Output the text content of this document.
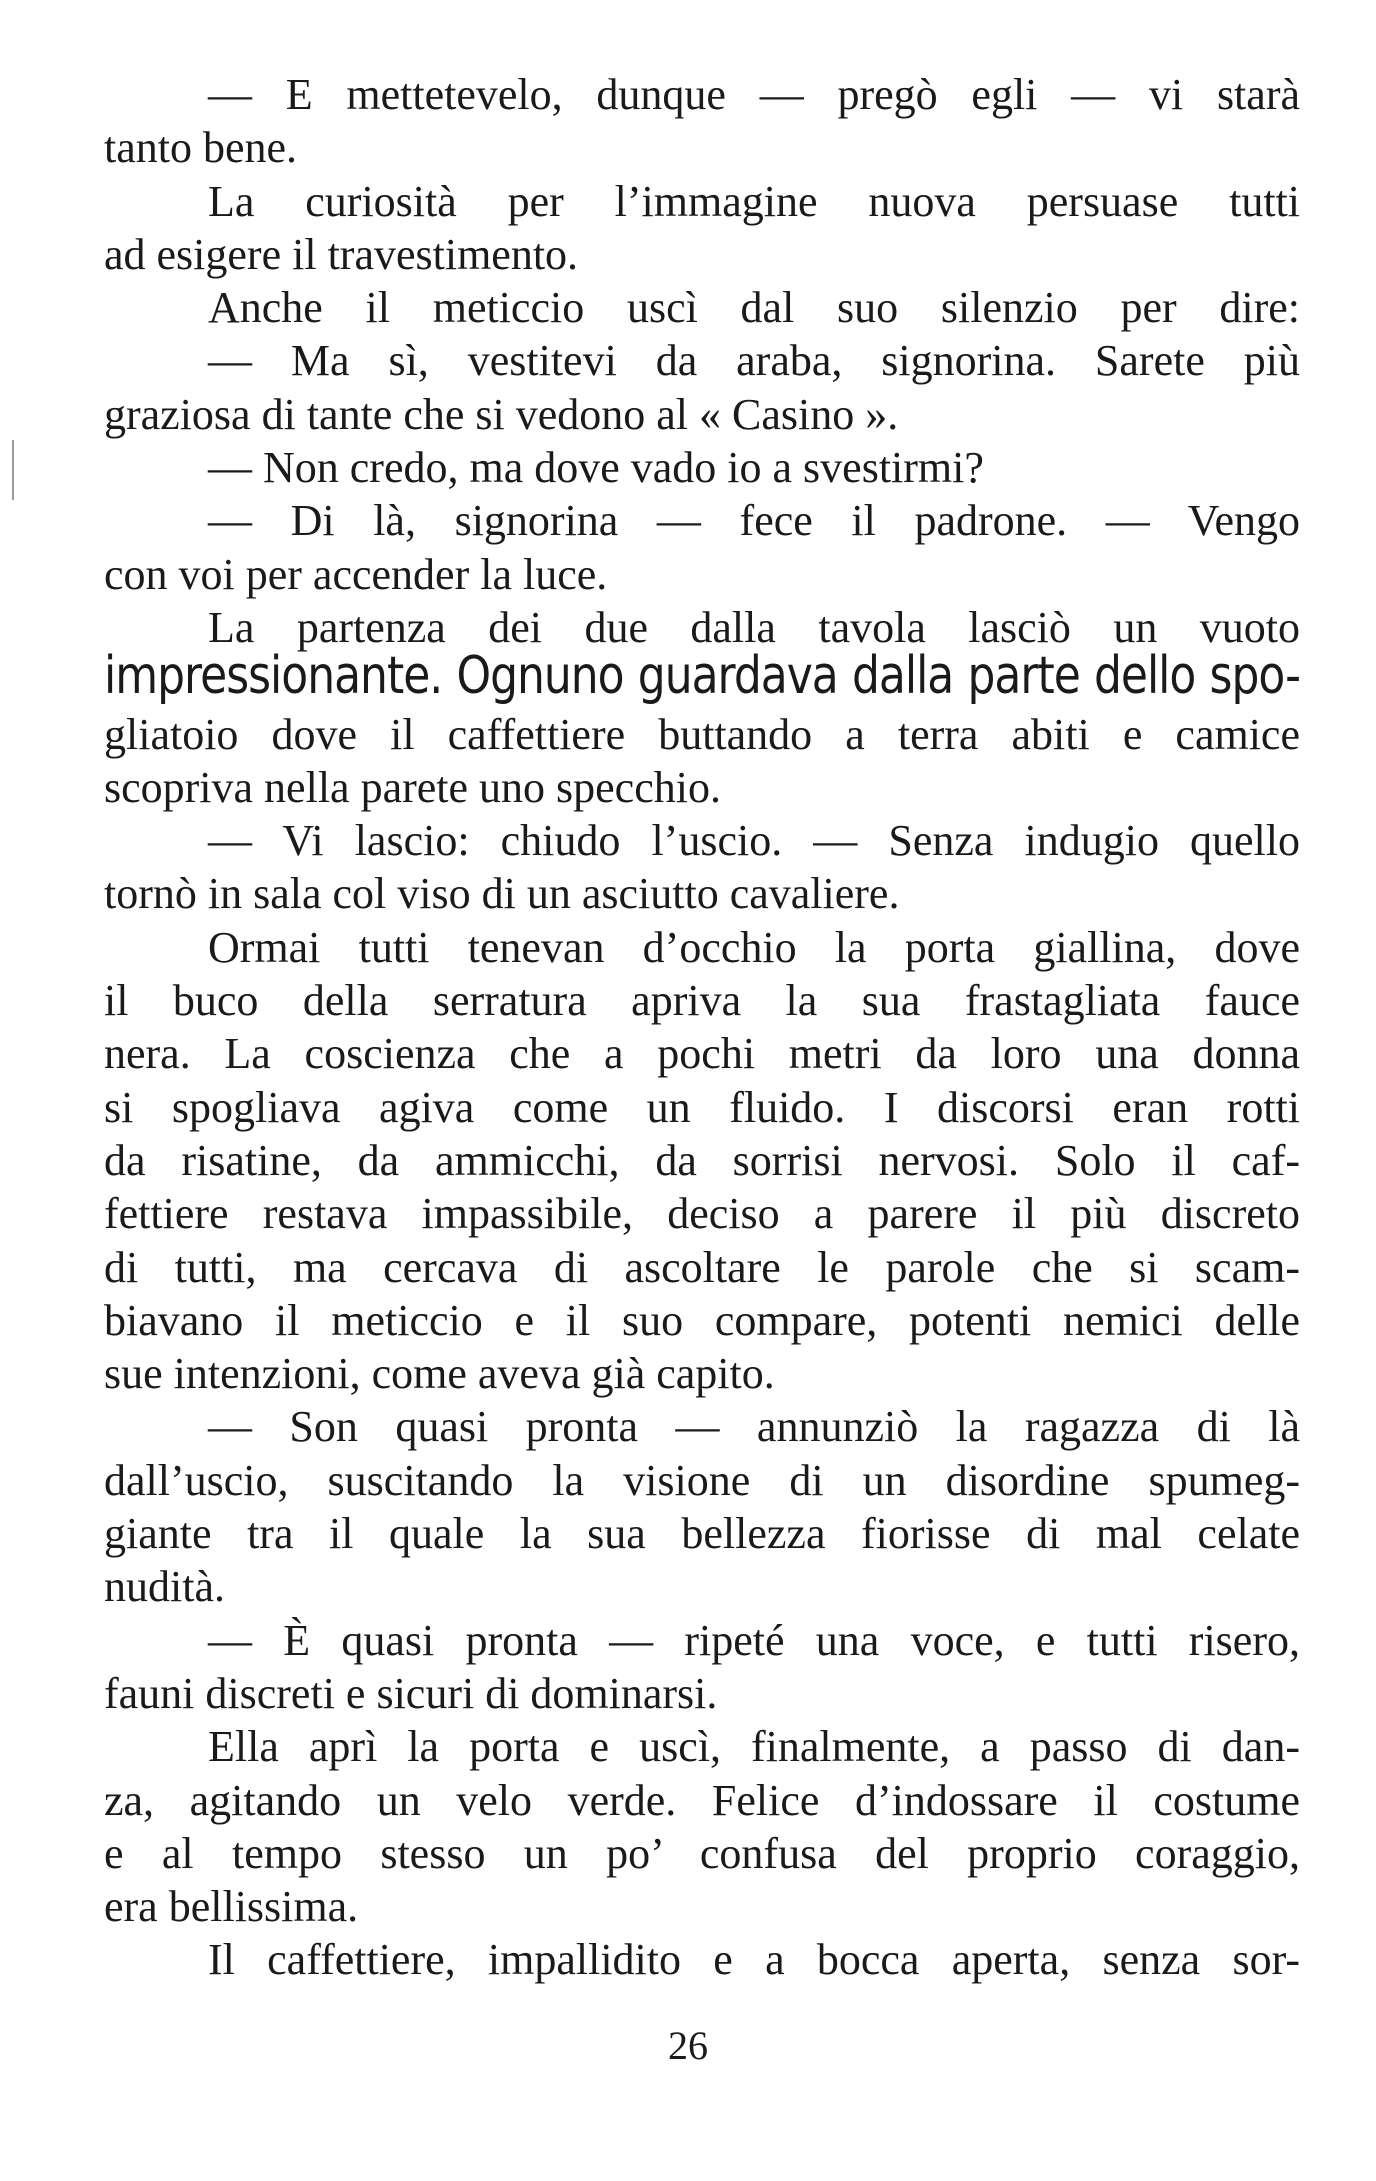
— E mettetevelo, dunque — pregò egli — vi starà
tanto bene.
La curiosità per l’immagine nuova persuase tutti
ad esigere il travestimento.
Anche il meticcio uscì dal suo silenzio per dire:
— Ma sì, vestitevi da araba, signorina. Sarete più
graziosa di tante che si vedono al « Casino ».
— Non credo, ma dove vado io a svestirmi?
— Di là, signorina — fece il padrone. — Vengo
con voi per accender la luce.
La partenza dei due dalla tavola lasciò un vuoto
impressionante. Ognuno guardava dalla parte dello spo-
gliatoio dove il caffettiere buttando a terra abiti e camice
scopriva nella parete uno specchio.
— Vi lascio: chiudo l’uscio. — Senza indugio quello
tornò in sala col viso di un asciutto cavaliere.
Ormai tutti tenevan d’occhio la porta giallina, dove
il buco della serratura apriva la sua frastagliata fauce
nera. La coscienza che a pochi metri da loro una donna
si spogliava agiva come un fluido. I discorsi eran rotti
da risatine, da ammicchi, da sorrisi nervosi. Solo il caf-
fettiere restava impassibile, deciso a parere il più discreto
di tutti, ma cercava di ascoltare le parole che si scam-
biavano il meticcio e il suo compare, potenti nemici delle
sue intenzioni, come aveva già capito.
— Son quasi pronta — annunziò la ragazza di là
dall’uscio, suscitando la visione di un disordine spumeg-
giante tra il quale la sua bellezza fiorisse di mal celate
nudità.
— È quasi pronta — ripeté una voce, e tutti risero,
fauni discreti e sicuri di dominarsi.
Ella aprì la porta e uscì, finalmente, a passo di dan-
za, agitando un velo verde. Felice d’indossare il costume
e al tempo stesso un po’ confusa del proprio coraggio,
era bellissima.
Il caffettiere, impallidito e a bocca aperta, senza sor-
26
